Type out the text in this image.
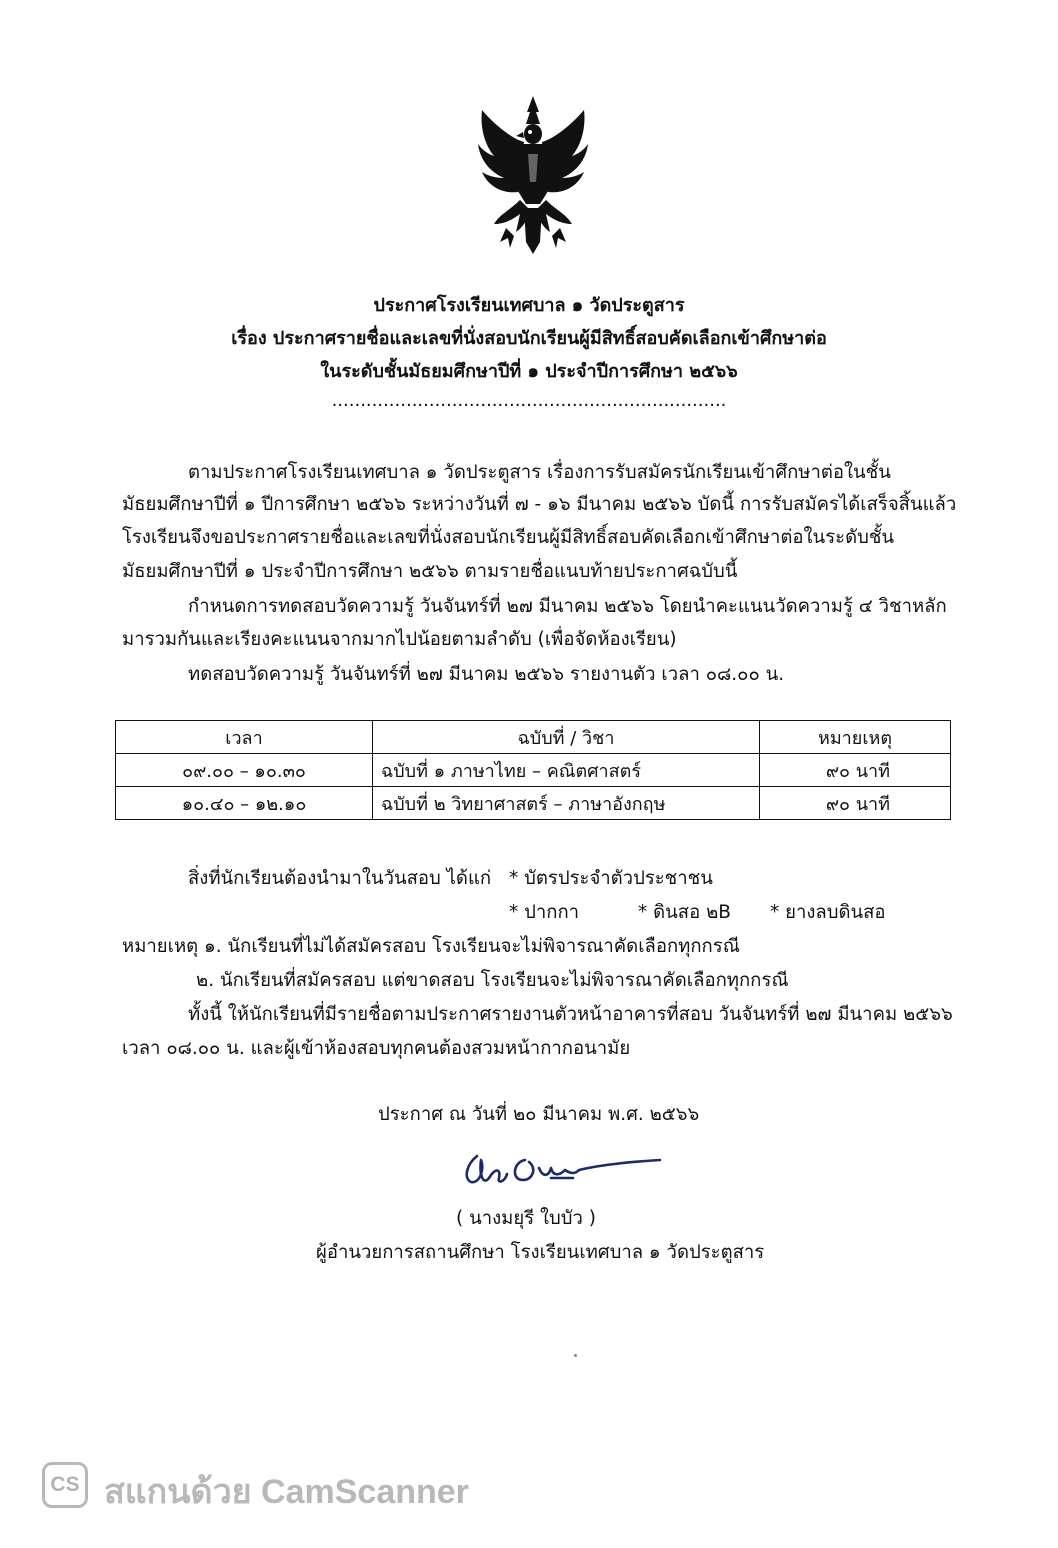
ประกาศโรงเรียนเทศบาล ๑ วัดประตูสาร
เรื่อง ประกาศรายชื่อและเลขที่นั่งสอบนักเรียนผู้มีสิทธิ์สอบคัดเลือกเข้าศึกษาต่อ
ในระดับชั้นมัธยมศึกษาปีที่ ๑ ประจำปีการศึกษา ๒๕๖๖
.....................................................................
ตามประกาศโรงเรียนเทศบาล ๑ วัดประตูสาร เรื่องการรับสมัครนักเรียนเข้าศึกษาต่อในชั้น
มัธยมศึกษาปีที่ ๑ ปีการศึกษา ๒๕๖๖ ระหว่างวันที่ ๗ - ๑๖ มีนาคม ๒๕๖๖ บัดนี้ การรับสมัครได้เสร็จสิ้นแล้ว
โรงเรียนจึงขอประกาศรายชื่อและเลขที่นั่งสอบนักเรียนผู้มีสิทธิ์สอบคัดเลือกเข้าศึกษาต่อในระดับชั้น
มัธยมศึกษาปีที่ ๑ ประจำปีการศึกษา ๒๕๖๖ ตามรายชื่อแนบท้ายประกาศฉบับนี้
กำหนดการทดสอบวัดความรู้ วันจันทร์ที่ ๒๗ มีนาคม ๒๕๖๖ โดยนำคะแนนวัดความรู้ ๔ วิชาหลัก
มารวมกันและเรียงคะแนนจากมากไปน้อยตามลำดับ (เพื่อจัดห้องเรียน)
ทดสอบวัดความรู้ วันจันทร์ที่ ๒๗ มีนาคม ๒๕๖๖ รายงานตัว เวลา ๐๘.๐๐ น.
เวลา	ฉบับที่ / วิชา	หมายเหตุ
๐๙.๐๐ – ๑๐.๓๐	ฉบับที่ ๑ ภาษาไทย – คณิตศาสตร์	๙๐ นาที
๑๐.๔๐ – ๑๒.๑๐	ฉบับที่ ๒ วิทยาศาสตร์ – ภาษาอังกฤษ	๙๐ นาที
สิ่งที่นักเรียนต้องนำมาในวันสอบ ได้แก่ * บัตรประจำตัวประชาชน
* ปากกา	* ดินสอ ๒B * ยางลบดินสอ
หมายเหตุ ๑. นักเรียนที่ไม่ได้สมัครสอบ โรงเรียนจะไม่พิจารณาคัดเลือกทุกกรณี
๒. นักเรียนที่สมัครสอบ แต่ขาดสอบ โรงเรียนจะไม่พิจารณาคัดเลือกทุกกรณี
ทั้งนี้ ให้นักเรียนที่มีรายชื่อตามประกาศรายงานตัวหน้าอาคารที่สอบ วันจันทร์ที่ ๒๗ มีนาคม ๒๕๖๖
เวลา ๐๘.๐๐ น. และผู้เข้าห้องสอบทุกคนต้องสวมหน้ากากอนามัย
ประกาศ ณ วันที่ ๒๐ มีนาคม พ.ศ. ๒๕๖๖
( นางมยุรี ใบบัว )
ผู้อำนวยการสถานศึกษา โรงเรียนเทศบาล ๑ วัดประตูสาร
CS สแกนด้วย CamScanner
